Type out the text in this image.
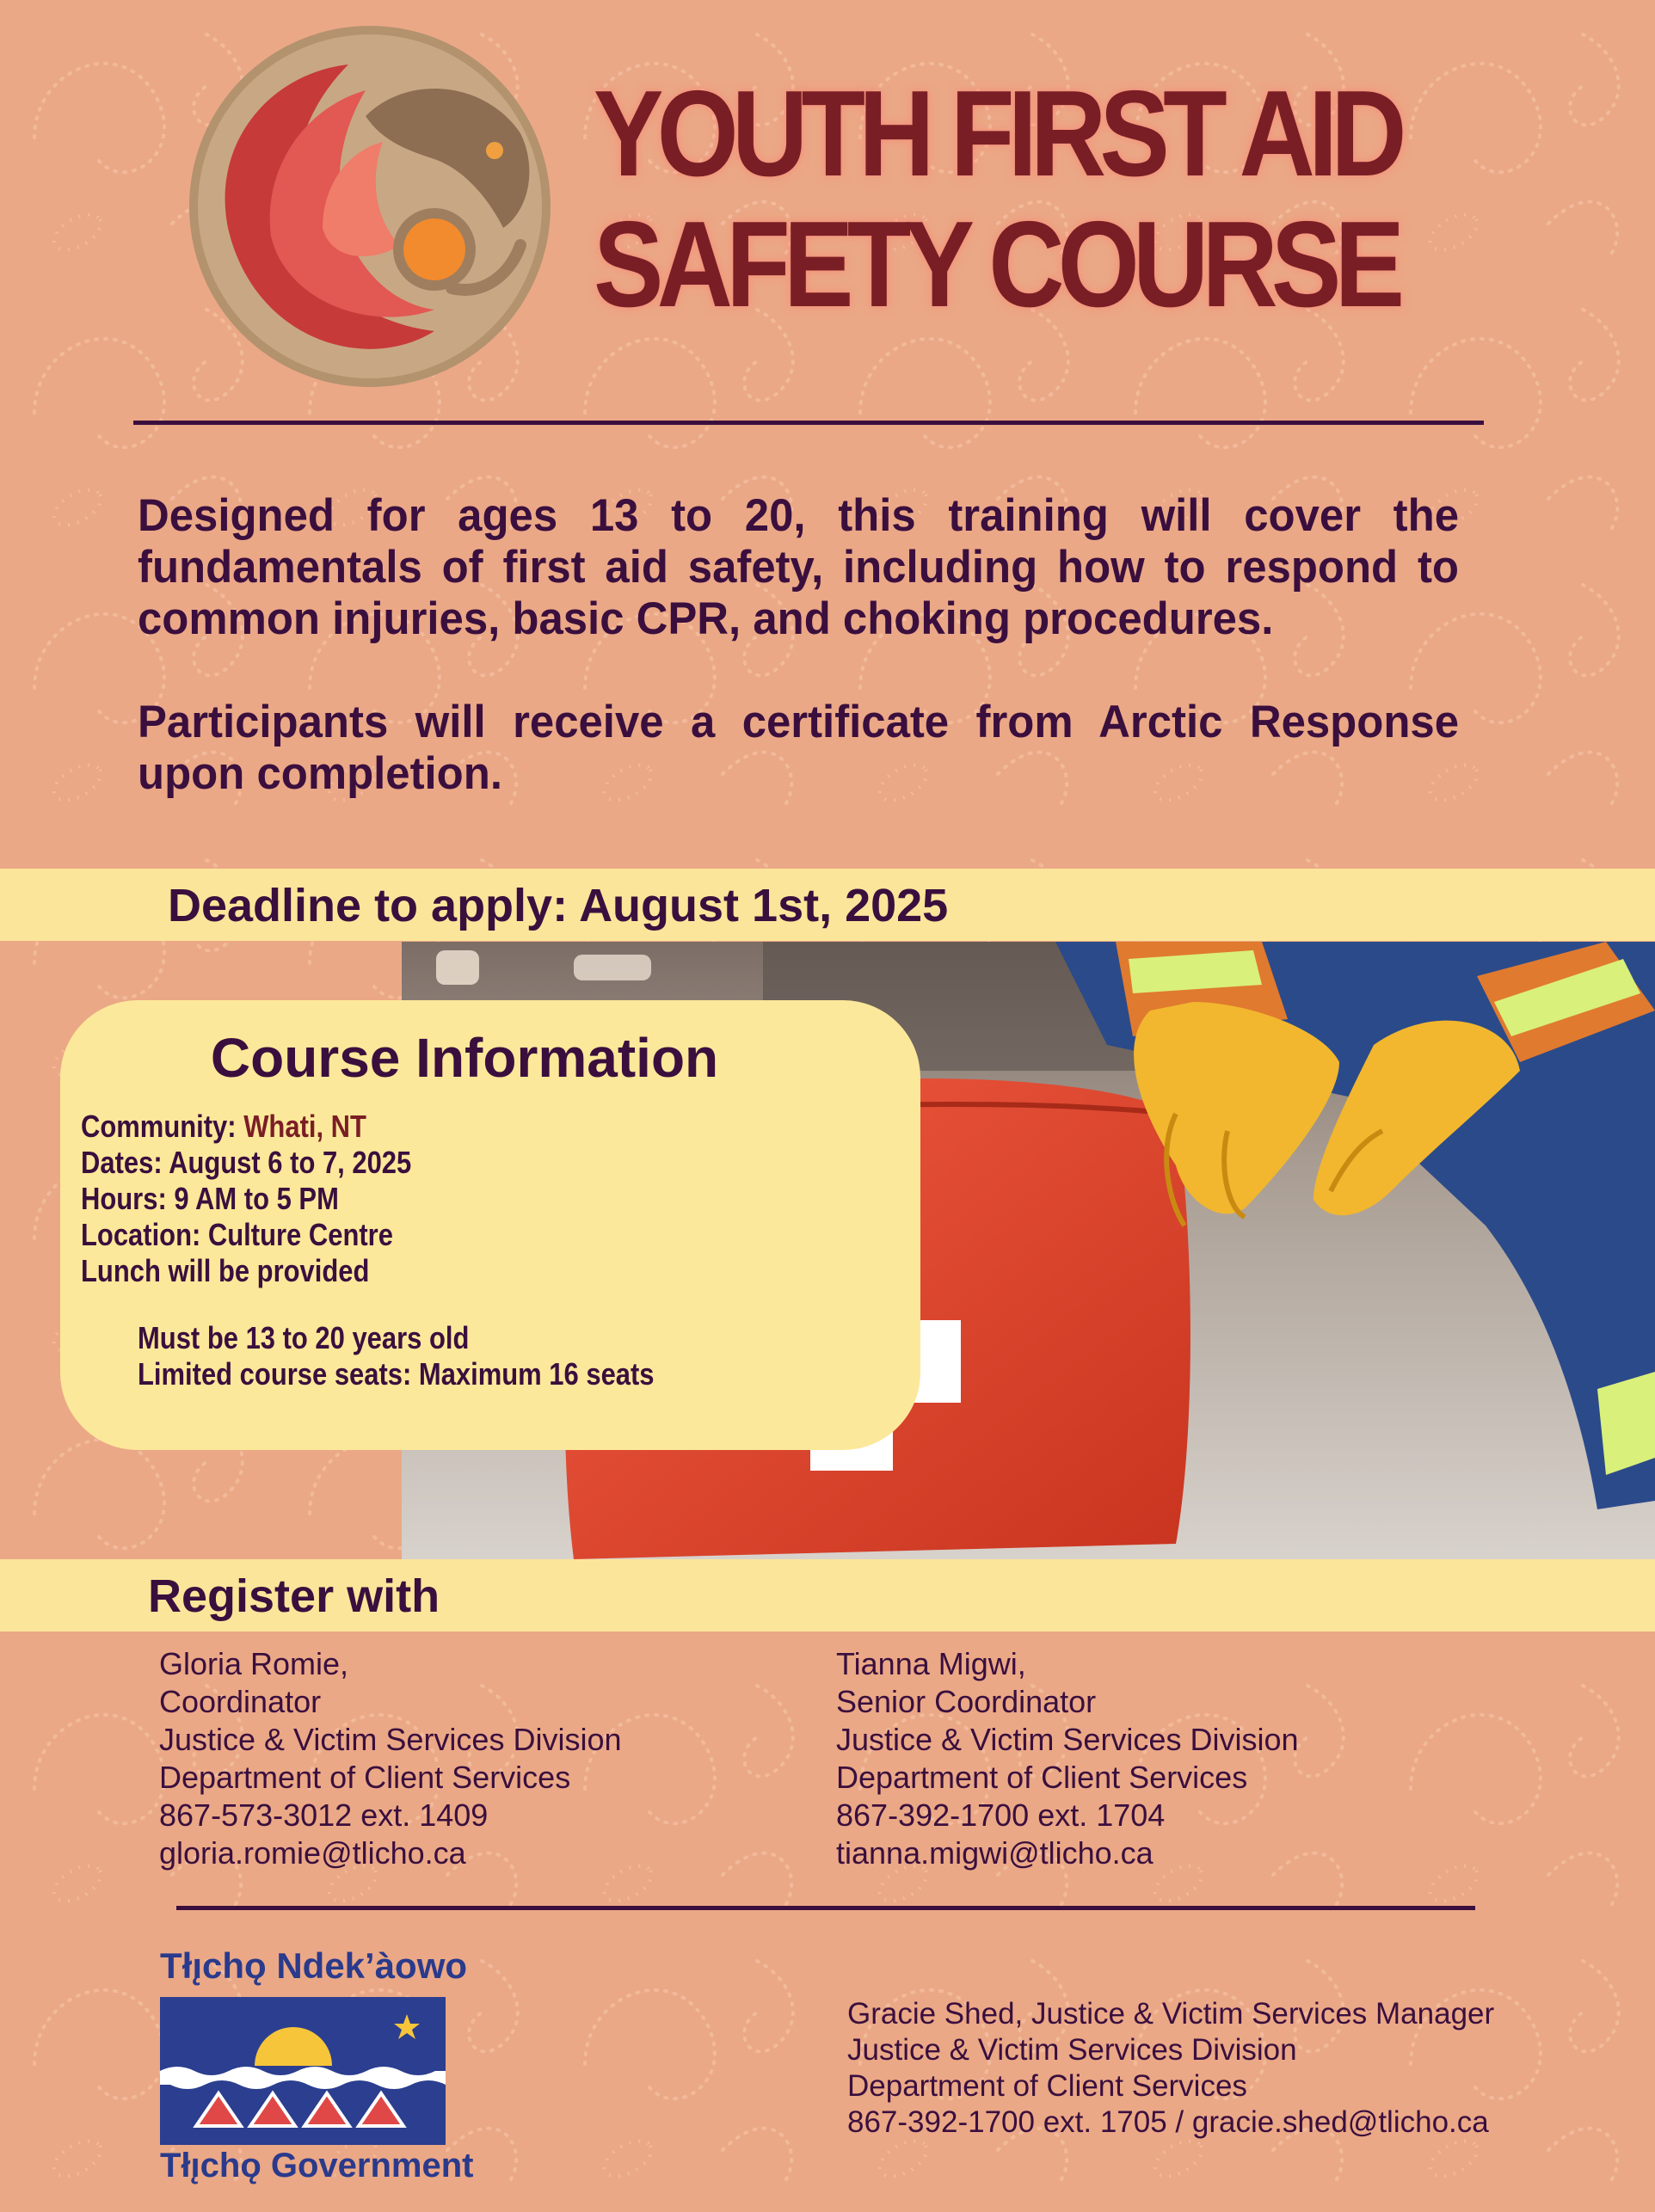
YOUTH FIRST AID
SAFETY COURSE

Designed for ages 13 to 20, this training will cover the fundamentals of first aid safety, including how to respond to common injuries, basic CPR, and choking procedures.

Participants will receive a certificate from Arctic Response upon completion.

Deadline to apply: August 1st, 2025
Course Information
Community: Whati, NT
Dates: August 6 to 7, 2025
Hours: 9 AM to 5 PM
Location: Culture Centre
Lunch will be provided
Must be 13 to 20 years old
Limited course seats: Maximum 16 seats
Register with
Gloria Romie,
Coordinator
Justice & Victim Services Division
Department of Client Services
867-573-3012 ext. 1409
gloria.romie@tlicho.ca
Tianna Migwi,
Senior Coordinator
Justice & Victim Services Division
Department of Client Services
867-392-1700 ext. 1704
tianna.migwi@tlicho.ca
Tłı̨chǫ Ndek’àowo
Tłı̨chǫ Government
Gracie Shed, Justice & Victim Services Manager
Justice & Victim Services Division
Department of Client Services
867-392-1700 ext. 1705 / gracie.shed@tlicho.ca
